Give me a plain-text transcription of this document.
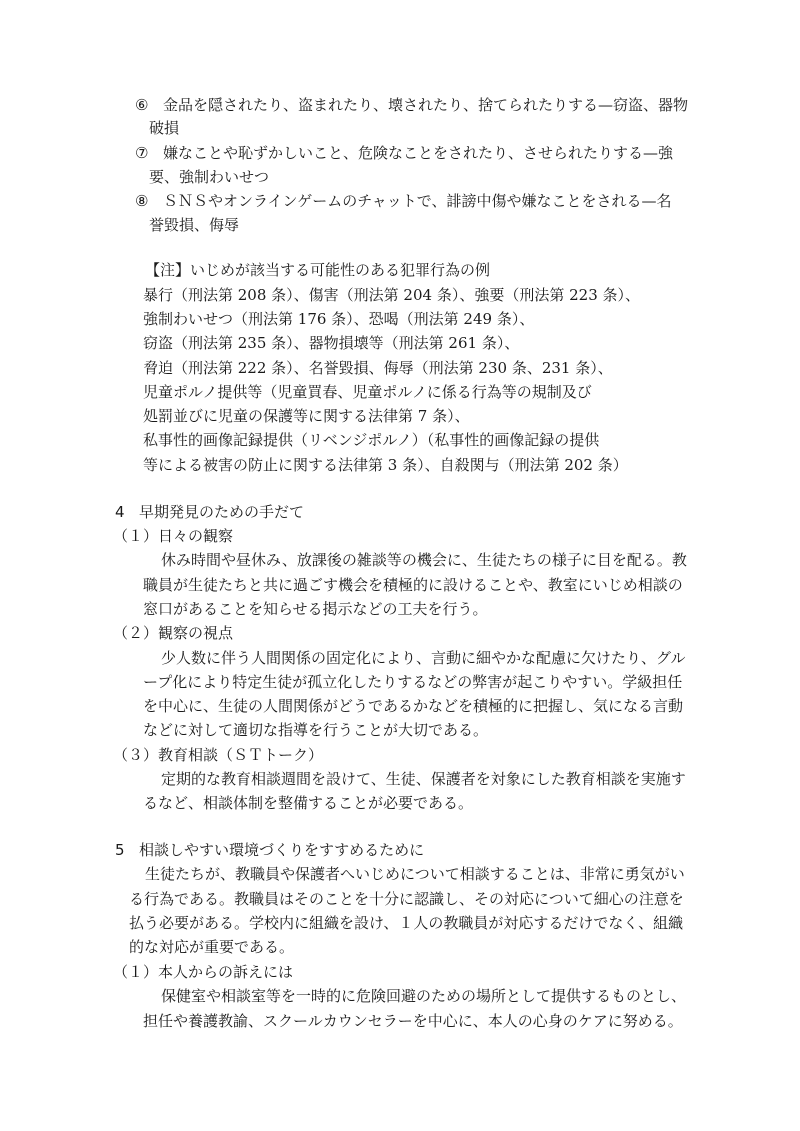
⑥ 金品を隠されたり、盗まれたり、壊されたり、捨てられたりする—窃盗、器物
破損
⑦ 嫌なことや恥ずかしいこと、危険なことをされたり、させられたりする—強
要、強制わいせつ
⑧ ＳＮＳやオンラインゲームのチャットで、誹謗中傷や嫌なことをされる—名
誉毀損、侮辱
【注】いじめが該当する可能性のある犯罪行為の例
暴行（刑法第 208 条）、傷害（刑法第 204 条）、強要（刑法第 223 条）、
強制わいせつ（刑法第 176 条）、恐喝（刑法第 249 条）、
窃盗（刑法第 235 条）、器物損壊等（刑法第 261 条）、
脅迫（刑法第 222 条）、名誉毀損、侮辱（刑法第 230 条、231 条）、
児童ポルノ提供等（児童買春、児童ポルノに係る行為等の規制及び
処罰並びに児童の保護等に関する法律第 7 条）、
私事性的画像記録提供（リベンジポルノ）（私事性的画像記録の提供
等による被害の防止に関する法律第 3 条）、自殺関与（刑法第 202 条）
4 早期発見のための手だて
（１）日々の観察
休み時間や昼休み、放課後の雑談等の機会に、生徒たちの様子に目を配る。教
職員が生徒たちと共に過ごす機会を積極的に設けることや、教室にいじめ相談の
窓口があることを知らせる掲示などの工夫を行う。
（２）観察の視点
少人数に伴う人間関係の固定化により、言動に細やかな配慮に欠けたり、グル
ープ化により特定生徒が孤立化したりするなどの弊害が起こりやすい。学級担任
を中心に、生徒の人間関係がどうであるかなどを積極的に把握し、気になる言動
などに対して適切な指導を行うことが大切である。
（３）教育相談（ＳＴトーク）
定期的な教育相談週間を設けて、生徒、保護者を対象にした教育相談を実施す
るなど、相談体制を整備することが必要である。
5 相談しやすい環境づくりをすすめるために
生徒たちが、教職員や保護者へいじめについて相談することは、非常に勇気がい
る行為である。教職員はそのことを十分に認識し、その対応について細心の注意を
払う必要がある。学校内に組織を設け、１人の教職員が対応するだけでなく、組織
的な対応が重要である。
（１）本人からの訴えには
保健室や相談室等を一時的に危険回避のための場所として提供するものとし、
担任や養護教諭、スクールカウンセラーを中心に、本人の心身のケアに努める。
